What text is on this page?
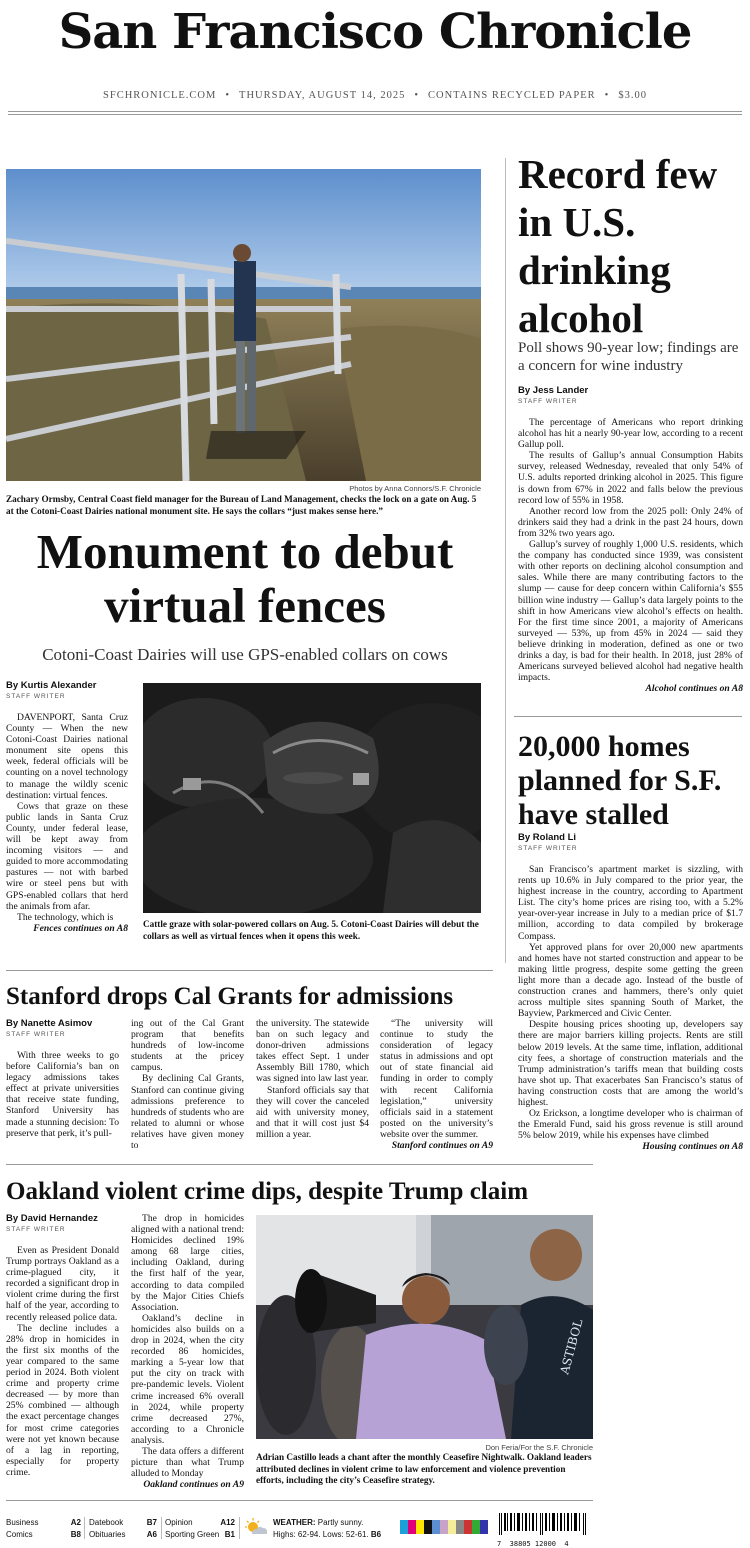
San Francisco Chronicle
SFCHRONICLE.COM • THURSDAY, AUGUST 14, 2025 • CONTAINS RECYCLED PAPER • $3.00
Photos by Anna Connors/S.F. Chronicle
Zachary Ormsby, Central Coast field manager for the Bureau of Land Management, checks the lock on a gate on Aug. 5 at the Cotoni-Coast Dairies national monument site. He says the collars “just makes sense here.”
Monument to debut
virtual fences
Cotoni-Coast Dairies will use GPS-enabled collars on cows
By Kurtis Alexander
STAFF WRITER

DAVENPORT, Santa Cruz County — When the new Cotoni-Coast Dairies national monument site opens this week, federal officials will be counting on a novel technology to manage the wildly scenic destination: virtual fences.

Cows that graze on these public lands in Santa Cruz County, under federal lease, will be kept away from incoming visitors — and guided to more accommodating pastures — not with barbed wire or steel pens but with GPS-enabled collars that herd the animals from afar.

The technology, which is

Fences continues on A8 Cattle graze with solar-powered collars on Aug. 5. Cotoni-Coast Dairies will debut the collars as well as virtual fences when it opens this week.
Record few in U.S. drinking alcohol
Poll shows 90-year low; findings are a concern for wine industry
By Jess Lander
STAFF WRITER

The percentage of Americans who report drinking alcohol has hit a nearly 90-year low, according to a recent Gallup poll.

The results of Gallup’s annual Consumption Habits survey, released Wednesday, revealed that only 54% of U.S. adults reported drinking alcohol in 2025. This figure is down from 67% in 2022 and falls below the previous record low of 55% in 1958.

Another record low from the 2025 poll: Only 24% of drinkers said they had a drink in the past 24 hours, down from 32% two years ago.

Gallup’s survey of roughly 1,000 U.S. residents, which the company has conducted since 1939, was consistent with other reports on declining alcohol consumption and sales. While there are many contributing factors to the slump — cause for deep concern within California’s $55 billion wine industry — Gallup’s data largely points to the shift in how Americans view alcohol’s effects on health. For the first time since 2001, a majority of Americans surveyed — 53%, up from 45% in 2024 — said they believe drinking in moderation, defined as one or two drinks a day, is bad for their health. In 2018, just 28% of Americans surveyed believed alcohol had negative health impacts.

Alcohol continues on A8
20,000 homes planned for S.F. have stalled
By Roland Li
STAFF WRITER

San Francisco’s apartment market is sizzling, with rents up 10.6% in July compared to the prior year, the highest increase in the country, according to Apartment List. The city’s home prices are rising too, with a 5.2% year-over-year increase in July to a median price of $1.7 million, according to data compiled by brokerage Compass.

Yet approved plans for over 20,000 new apartments and homes have not started construction and appear to be making little progress, despite some getting the green light more than a decade ago. Instead of the bustle of construction cranes and hammers, there’s only quiet across multiple sites spanning South of Market, the Bayview, Parkmerced and Civic Center.

Despite housing prices shooting up, developers say there are major barriers killing projects. Rents are still below 2019 levels. At the same time, inflation, additional city fees, a shortage of construction materials and the Trump administration’s tariffs mean that building costs have shot up. That exacerbates San Francisco’s status of having construction costs that are among the world’s highest.

Oz Erickson, a longtime developer who is chairman of the Emerald Fund, said his gross revenue is still around 5% below 2019, while his expenses have climbed

Housing continues on A8
Stanford drops Cal Grants for admissions
By Nanette Asimov
STAFF WRITER

With three weeks to go before California’s ban on legacy admissions takes effect at private universities that receive state funding, Stanford University has made a stunning decision: To preserve that perk, it’s pull-

ing out of the Cal Grant program that benefits hundreds of low-income students at the pricey campus.

By declining Cal Grants, Stanford can continue giving admissions preference to hundreds of students who are related to alumni or whose relatives have given money to

the university. The statewide ban on such legacy and donor-driven admissions takes effect Sept. 1 under Assembly Bill 1780, which was signed into law last year.

Stanford officials say that they will cover the canceled aid with university money, and that it will cost just $4 million a year.

“The university will continue to study the consideration of legacy status in admissions and opt out of state financial aid funding in order to comply with recent California legislation,” university officials said in a statement posted on the university’s website over the summer.

Stanford continues on A9
Oakland violent crime dips, despite Trump claim
By David Hernandez
STAFF WRITER

Even as President Donald Trump portrays Oakland as a crime-plagued city, it recorded a significant drop in violent crime during the first half of the year, according to recently released police data.

The decline includes a 28% drop in homicides in the first six months of the year compared to the same period in 2024. Both violent crime and property crime decreased — by more than 25% combined — although the exact percentage changes for most crime categories were not yet known because of a lag in reporting, especially for property crime.

The drop in homicides aligned with a national trend: Homicides declined 19% among 68 large cities, including Oakland, during the first half of the year, according to data compiled by the Major Cities Chiefs Association.

Oakland’s decline in homicides also builds on a drop in 2024, when the city recorded 86 homicides, marking a 5-year low that put the city on track with pre-pandemic levels. Violent crime increased 6% overall in 2024, while property crime decreased 27%, according to a Chronicle analysis.

The data offers a different picture than what Trump alluded to Monday

Oakland continues on A9
ASTIBOL
Don Feria/For the S.F. Chronicle
Adrian Castillo leads a chant after the monthly Ceasefire Nightwalk. Oakland leaders attributed declines in violent crime to law enforcement and violence prevention efforts, including the city’s Ceasefire strategy.
Business	A2
Comics	B8
Datebook	B7
Obituaries	A6
Opinion	A12
Sporting Green B1
WEATHER: Partly sunny.
Highs: 62-94. Lows: 52-61. B6
7  38805 12000  4
